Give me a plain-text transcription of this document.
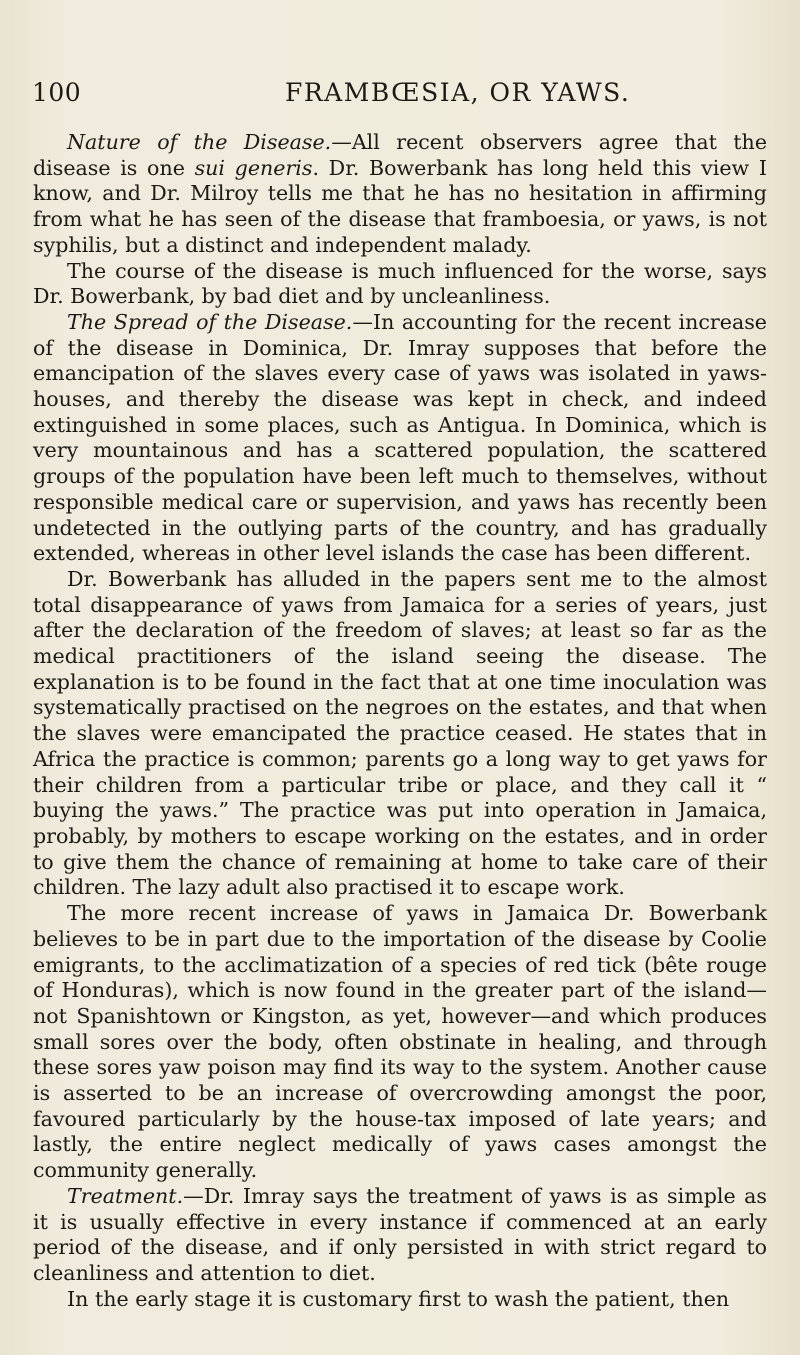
100	FRAMBŒSIA, OR YAWS.

Nature of the Disease.—All recent observers agree that the disease is one sui generis. Dr. Bowerbank has long held this view I know, and Dr. Milroy tells me that he has no hesitation in affirming from what he has seen of the disease that framboesia, or yaws, is not syphilis, but a distinct and independent malady.

The course of the disease is much influenced for the worse, says Dr. Bowerbank, by bad diet and by uncleanliness.

The Spread of the Disease.—In accounting for the recent increase of the disease in Dominica, Dr. Imray supposes that before the emancipation of the slaves every case of yaws was isolated in yaws-houses, and thereby the disease was kept in check, and indeed extinguished in some places, such as Antigua. In Dominica, which is very mountainous and has a scattered population, the scattered groups of the population have been left much to themselves, without responsible medical care or supervision, and yaws has recently been undetected in the outlying parts of the country, and has gradually extended, whereas in other level islands the case has been different.

Dr. Bowerbank has alluded in the papers sent me to the almost total disappearance of yaws from Jamaica for a series of years, just after the declaration of the freedom of slaves; at least so far as the medical practitioners of the island seeing the disease. The explanation is to be found in the fact that at one time inoculation was systematically practised on the negroes on the estates, and that when the slaves were emancipated the practice ceased. He states that in Africa the practice is common; parents go a long way to get yaws for their children from a particular tribe or place, and they call it “ buying the yaws.” The practice was put into operation in Jamaica, probably, by mothers to escape working on the estates, and in order to give them the chance of remaining at home to take care of their children. The lazy adult also practised it to escape work.

The more recent increase of yaws in Jamaica Dr. Bowerbank believes to be in part due to the importation of the disease by Coolie emigrants, to the acclimatization of a species of red tick (bête rouge of Honduras), which is now found in the greater part of the island—not Spanishtown or Kingston, as yet, however—and which produces small sores over the body, often obstinate in healing, and through these sores yaw poison may find its way to the system. Another cause is asserted to be an increase of overcrowding amongst the poor, favoured particularly by the house-tax imposed of late years; and lastly, the entire neglect medically of yaws cases amongst the community generally.

Treatment.—Dr. Imray says the treatment of yaws is as simple as it is usually effective in every instance if commenced at an early period of the disease, and if only persisted in with strict regard to cleanliness and attention to diet.

In the early stage it is customary first to wash the patient, then
